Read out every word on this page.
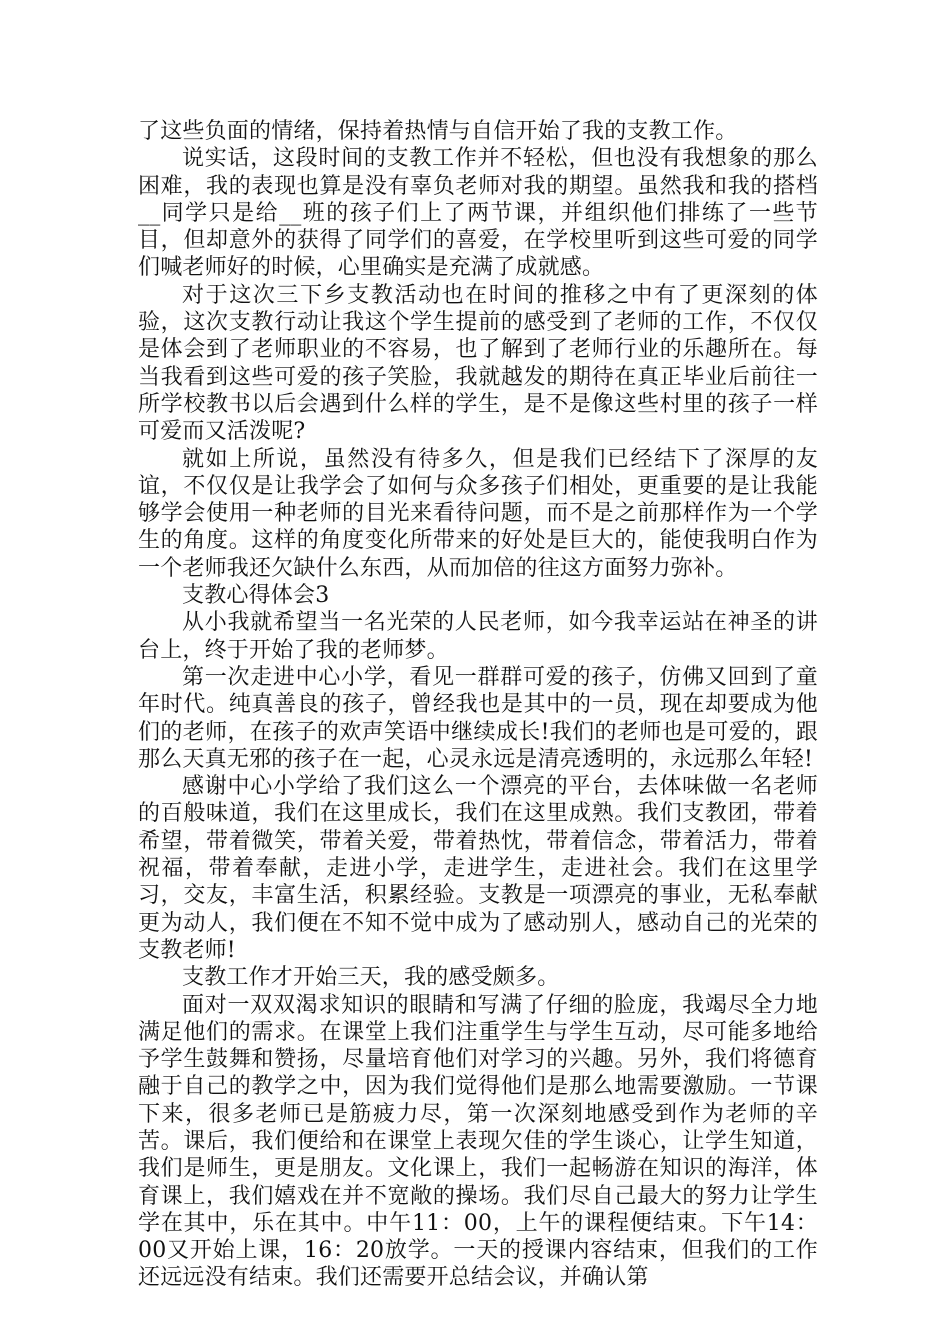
了这些负面的情绪，保持着热情与自信开始了我的支教工作。

说实话，这段时间的支教工作并不轻松，但也没有我想象的那么困难，我的表现也算是没有辜负老师对我的期望。虽然我和我的搭档__同学只是给__班的孩子们上了两节课，并组织他们排练了一些节目，但却意外的获得了同学们的喜爱，在学校里听到这些可爱的同学们喊老师好的时候，心里确实是充满了成就感。

对于这次三下乡支教活动也在时间的推移之中有了更深刻的体验，这次支教行动让我这个学生提前的感受到了老师的工作，不仅仅是体会到了老师职业的不容易，也了解到了老师行业的乐趣所在。每当我看到这些可爱的孩子笑脸，我就越发的期待在真正毕业后前往一所学校教书以后会遇到什么样的学生，是不是像这些村里的孩子一样可爱而又活泼呢?

就如上所说，虽然没有待多久，但是我们已经结下了深厚的友谊，不仅仅是让我学会了如何与众多孩子们相处，更重要的是让我能够学会使用一种老师的目光来看待问题，而不是之前那样作为一个学生的角度。这样的角度变化所带来的好处是巨大的，能使我明白作为一个老师我还欠缺什么东西，从而加倍的往这方面努力弥补。

支教心得体会3

从小我就希望当一名光荣的人民老师，如今我幸运站在神圣的讲台上，终于开始了我的老师梦。

第一次走进中心小学，看见一群群可爱的孩子，仿佛又回到了童年时代。纯真善良的孩子，曾经我也是其中的一员，现在却要成为他们的老师，在孩子的欢声笑语中继续成长!我们的老师也是可爱的，跟那么天真无邪的孩子在一起，心灵永远是清亮透明的，永远那么年轻!

感谢中心小学给了我们这么一个漂亮的平台，去体味做一名老师的百般味道，我们在这里成长，我们在这里成熟。我们支教团，带着希望，带着微笑，带着关爱，带着热忱，带着信念，带着活力，带着祝福，带着奉献，走进小学，走进学生，走进社会。我们在这里学习，交友，丰富生活，积累经验。支教是一项漂亮的事业，无私奉献更为动人，我们便在不知不觉中成为了感动别人，感动自己的光荣的支教老师!

支教工作才开始三天，我的感受颇多。

面对一双双渴求知识的眼睛和写满了仔细的脸庞，我竭尽全力地满足他们的需求。在课堂上我们注重学生与学生互动，尽可能多地给予学生鼓舞和赞扬，尽量培育他们对学习的兴趣。另外，我们将德育融于自己的教学之中，因为我们觉得他们是那么地需要激励。一节课下来，很多老师已是筋疲力尽，第一次深刻地感受到作为老师的辛苦。课后，我们便给和在课堂上表现欠佳的学生谈心，让学生知道，我们是师生，更是朋友。文化课上，我们一起畅游在知识的海洋，体育课上，我们嬉戏在并不宽敞的操场。我们尽自己最大的努力让学生学在其中，乐在其中。中午11：00，上午的课程便结束。下午14：00又开始上课，16：20放学。一天的授课内容结束，但我们的工作还远远没有结束。我们还需要开总结会议，并确认第
